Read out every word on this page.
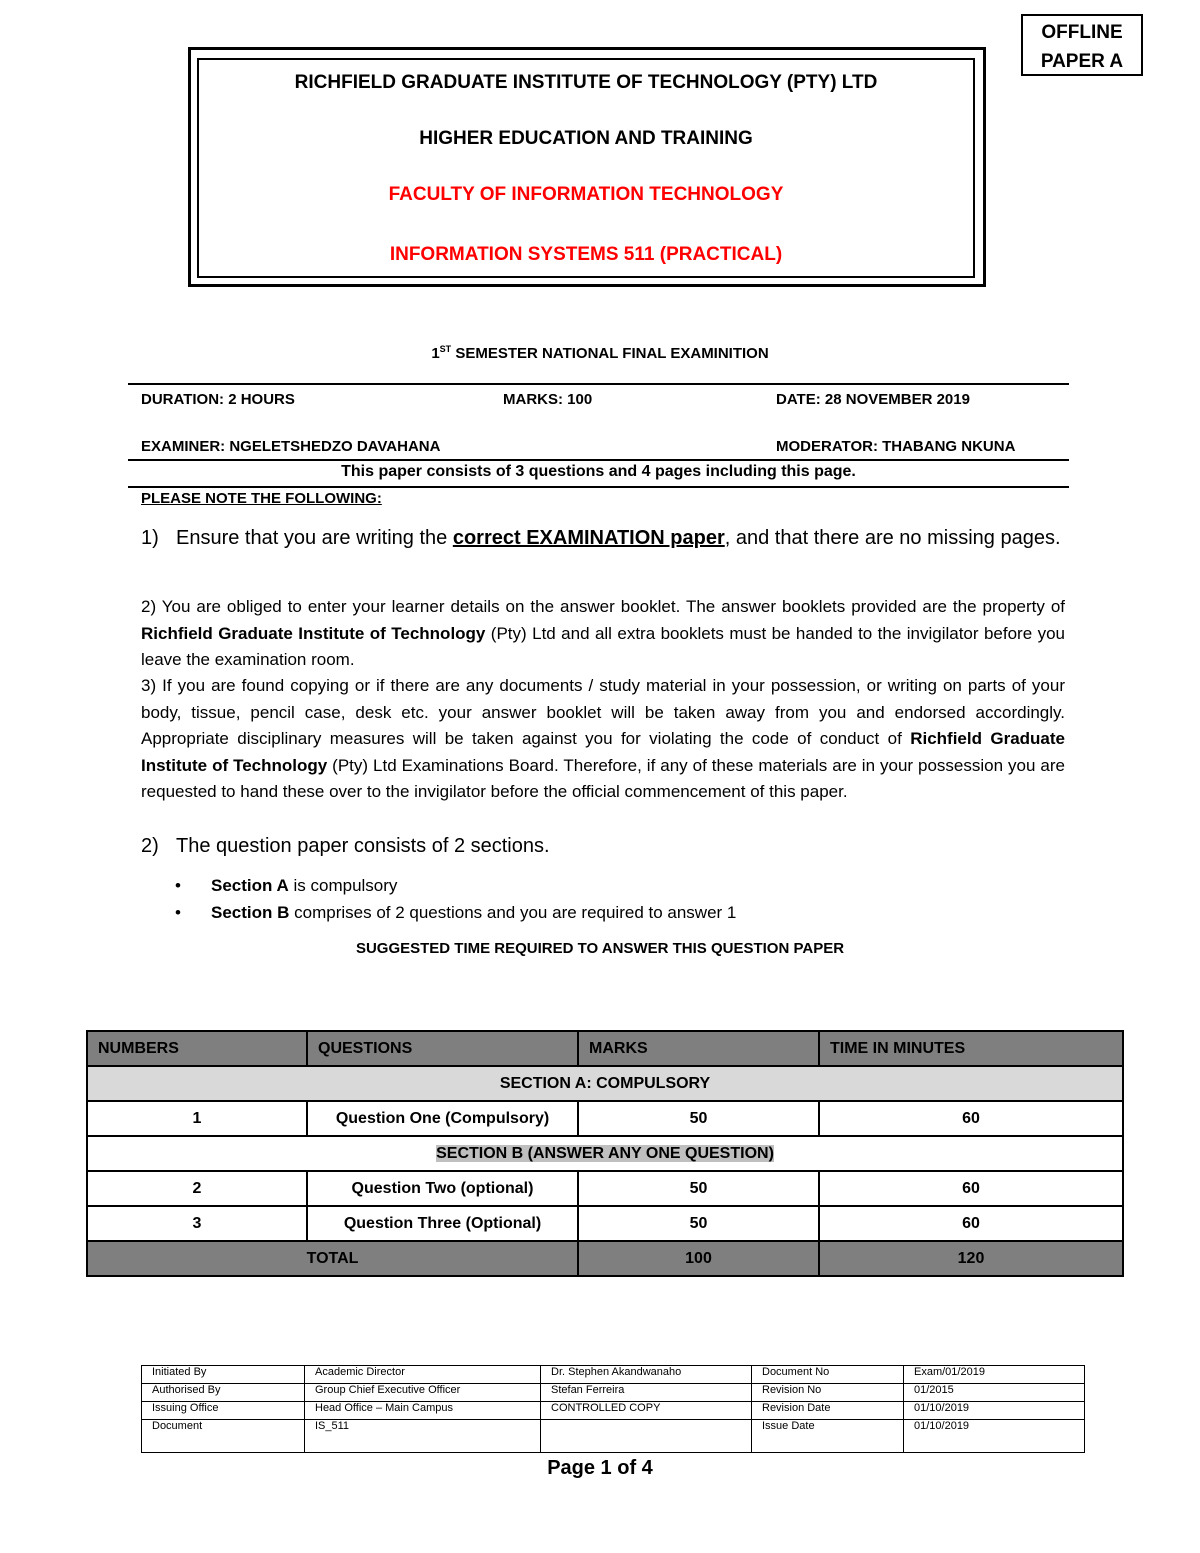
OFFLINE
PAPER A
RICHFIELD GRADUATE INSTITUTE OF TECHNOLOGY (PTY) LTD
HIGHER EDUCATION AND TRAINING
FACULTY OF INFORMATION TECHNOLOGY
INFORMATION SYSTEMS 511 (PRACTICAL)
1ST SEMESTER NATIONAL FINAL EXAMINITION
DURATION: 2 HOURS	MARKS: 100	DATE: 28 NOVEMBER 2019
EXAMINER: NGELETSHEDZO DAVAHANA	MODERATOR: THABANG NKUNA
This paper consists of 3 questions and 4 pages including this page.
PLEASE NOTE THE FOLLOWING:
1) Ensure that you are writing the correct EXAMINATION paper, and that there are no missing pages.
2) You are obliged to enter your learner details on the answer booklet. The answer booklets provided are the property of Richfield Graduate Institute of Technology (Pty) Ltd and all extra booklets must be handed to the invigilator before you leave the examination room.
3) If you are found copying or if there are any documents / study material in your possession, or writing on parts of your body, tissue, pencil case, desk etc. your answer booklet will be taken away from you and endorsed accordingly. Appropriate disciplinary measures will be taken against you for violating the code of conduct of Richfield Graduate Institute of Technology (Pty) Ltd Examinations Board. Therefore, if any of these materials are in your possession you are requested to hand these over to the invigilator before the official commencement of this paper.
2) The question paper consists of 2 sections.
• Section A is compulsory
• Section B comprises of 2 questions and you are required to answer 1
SUGGESTED TIME REQUIRED TO ANSWER THIS QUESTION PAPER
NUMBERS	QUESTIONS	MARKS	TIME IN MINUTES
SECTION A: COMPULSORY			
1	Question One (Compulsory)	50	60
SECTION B (ANSWER ANY ONE QUESTION)			
2	Question Two (optional)	50	60
3	Question Three (Optional)	50	60
TOTAL		100	120
Initiated By	Academic Director	Dr. Stephen Akandwanaho	Document No	Exam/01/2019
Authorised By	Group Chief Executive Officer	Stefan Ferreira	Revision No	01/2015
Issuing Office	Head Office – Main Campus	CONTROLLED COPY	Revision Date	01/10/2019
Document	IS_511		Issue Date	01/10/2019
Page 1 of 4
